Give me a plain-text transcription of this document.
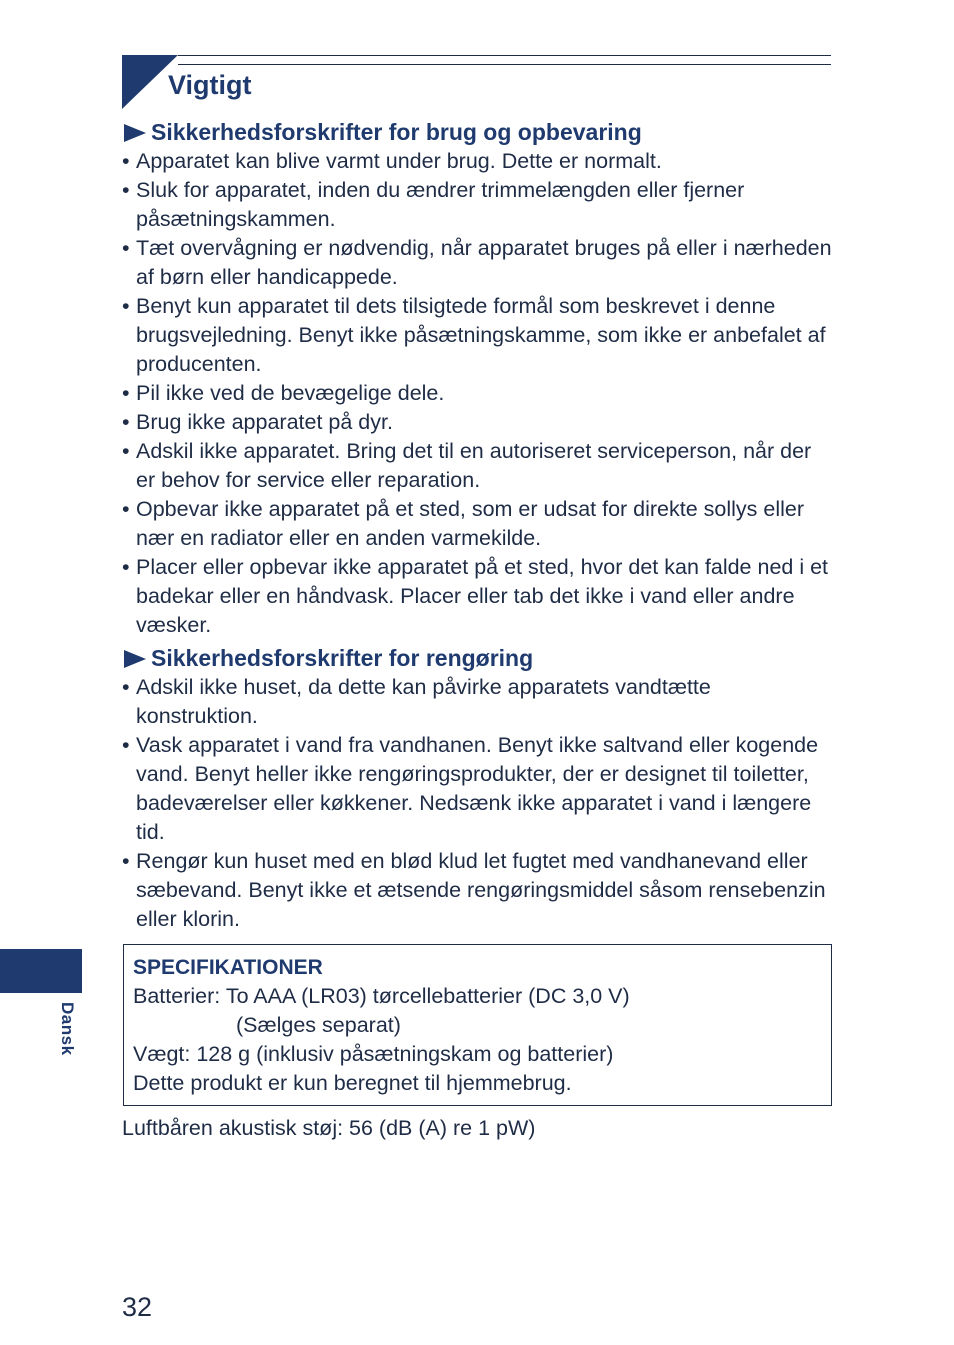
Vigtigt
Sikkerhedsforskrifter for brug og opbevaring
• Apparatet kan blive varmt under brug. Dette er normalt.
• Sluk for apparatet, inden du ændrer trimmelængden eller fjerner påsætningskammen.
• Tæt overvågning er nødvendig, når apparatet bruges på eller i nærheden af børn eller handicappede.
• Benyt kun apparatet til dets tilsigtede formål som beskrevet i denne brugsvejledning. Benyt ikke påsætningskamme, som ikke er anbefalet af producenten.
• Pil ikke ved de bevægelige dele.
• Brug ikke apparatet på dyr.
• Adskil ikke apparatet. Bring det til en autoriseret serviceperson, når der er behov for service eller reparation.
• Opbevar ikke apparatet på et sted, som er udsat for direkte sollys eller nær en radiator eller en anden varmekilde.
• Placer eller opbevar ikke apparatet på et sted, hvor det kan falde ned i et badekar eller en håndvask. Placer eller tab det ikke i vand eller andre væsker.
Sikkerhedsforskrifter for rengøring
• Adskil ikke huset, da dette kan påvirke apparatets vandtætte konstruktion.
• Vask apparatet i vand fra vandhanen. Benyt ikke saltvand eller kogende vand. Benyt heller ikke rengøringsprodukter, der er designet til toiletter, badeværelser eller køkkener. Nedsænk ikke apparatet i vand i længere tid.
• Rengør kun huset med en blød klud let fugtet med vandhanevand eller sæbevand. Benyt ikke et ætsende rengøringsmiddel såsom rensebenzin eller klorin.

SPECIFIKATIONER

Batterier: To AAA (LR03) tørcellebatterier (DC 3,0 V)

(Sælges separat)

Vægt: 128 g (inklusiv påsætningskam og batterier)

Dette produkt er kun beregnet til hjemmebrug.

Luftbåren akustisk støj: 56 (dB (A) re 1 pW)

Dansk

32
